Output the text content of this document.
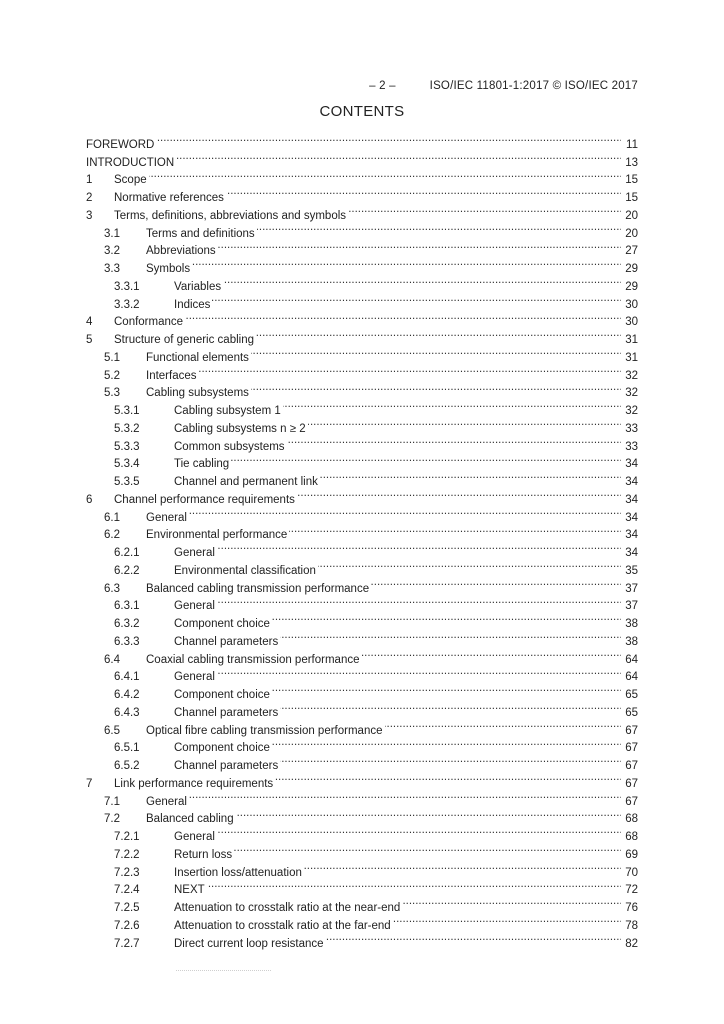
– 2 –	ISO/IEC 11801-1:2017 © ISO/IEC 2017

CONTENTS
FOREWORD . . .	11
INTRODUCTION . . .	13
1	Scope . . .	15
2	Normative references . . .	15
3	Terms, definitions, abbreviations and symbols . . .	20
3.1	Terms and definitions . . .	20
3.2	Abbreviations . . .	27
3.3	Symbols . . .	29
3.3.1	Variables . . .	29
3.3.2	Indices . . .	30
4	Conformance . . .	30
5	Structure of generic cabling . . .	31
5.1	Functional elements . . .	31
5.2	Interfaces . . .	32
5.3	Cabling subsystems . . .	32
5.3.1	Cabling subsystem 1 . . .	32
5.3.2	Cabling subsystems n ≥ 2 . . .	33
5.3.3	Common subsystems . . .	33
5.3.4	Tie cabling . . .	34
5.3.5	Channel and permanent link . . .	34
6	Channel performance requirements . . .	34
6.1	General . . .	34
6.2	Environmental performance . . .	34
6.2.1	General . . .	34
6.2.2	Environmental classification . . .	35
6.3	Balanced cabling transmission performance . . .	37
6.3.1	General . . .	37
6.3.2	Component choice . . .	38
6.3.3	Channel parameters . . .	38
6.4	Coaxial cabling transmission performance . . .	64
6.4.1	General . . .	64
6.4.2	Component choice . . .	65
6.4.3	Channel parameters . . .	65
6.5	Optical fibre cabling transmission performance . . .	67
6.5.1	Component choice . . .	67
6.5.2	Channel parameters . . .	67
7	Link performance requirements . . .	67
7.1	General . . .	67
7.2	Balanced cabling . . .	68
7.2.1	General . . .	68
7.2.2	Return loss . . .	69
7.2.3	Insertion loss/attenuation . . .	70
7.2.4	NEXT . . .	72
7.2.5	Attenuation to crosstalk ratio at the near-end . . .	76
7.2.6	Attenuation to crosstalk ratio at the far-end . . .	78
7.2.7	Direct current loop resistance . . .	82
